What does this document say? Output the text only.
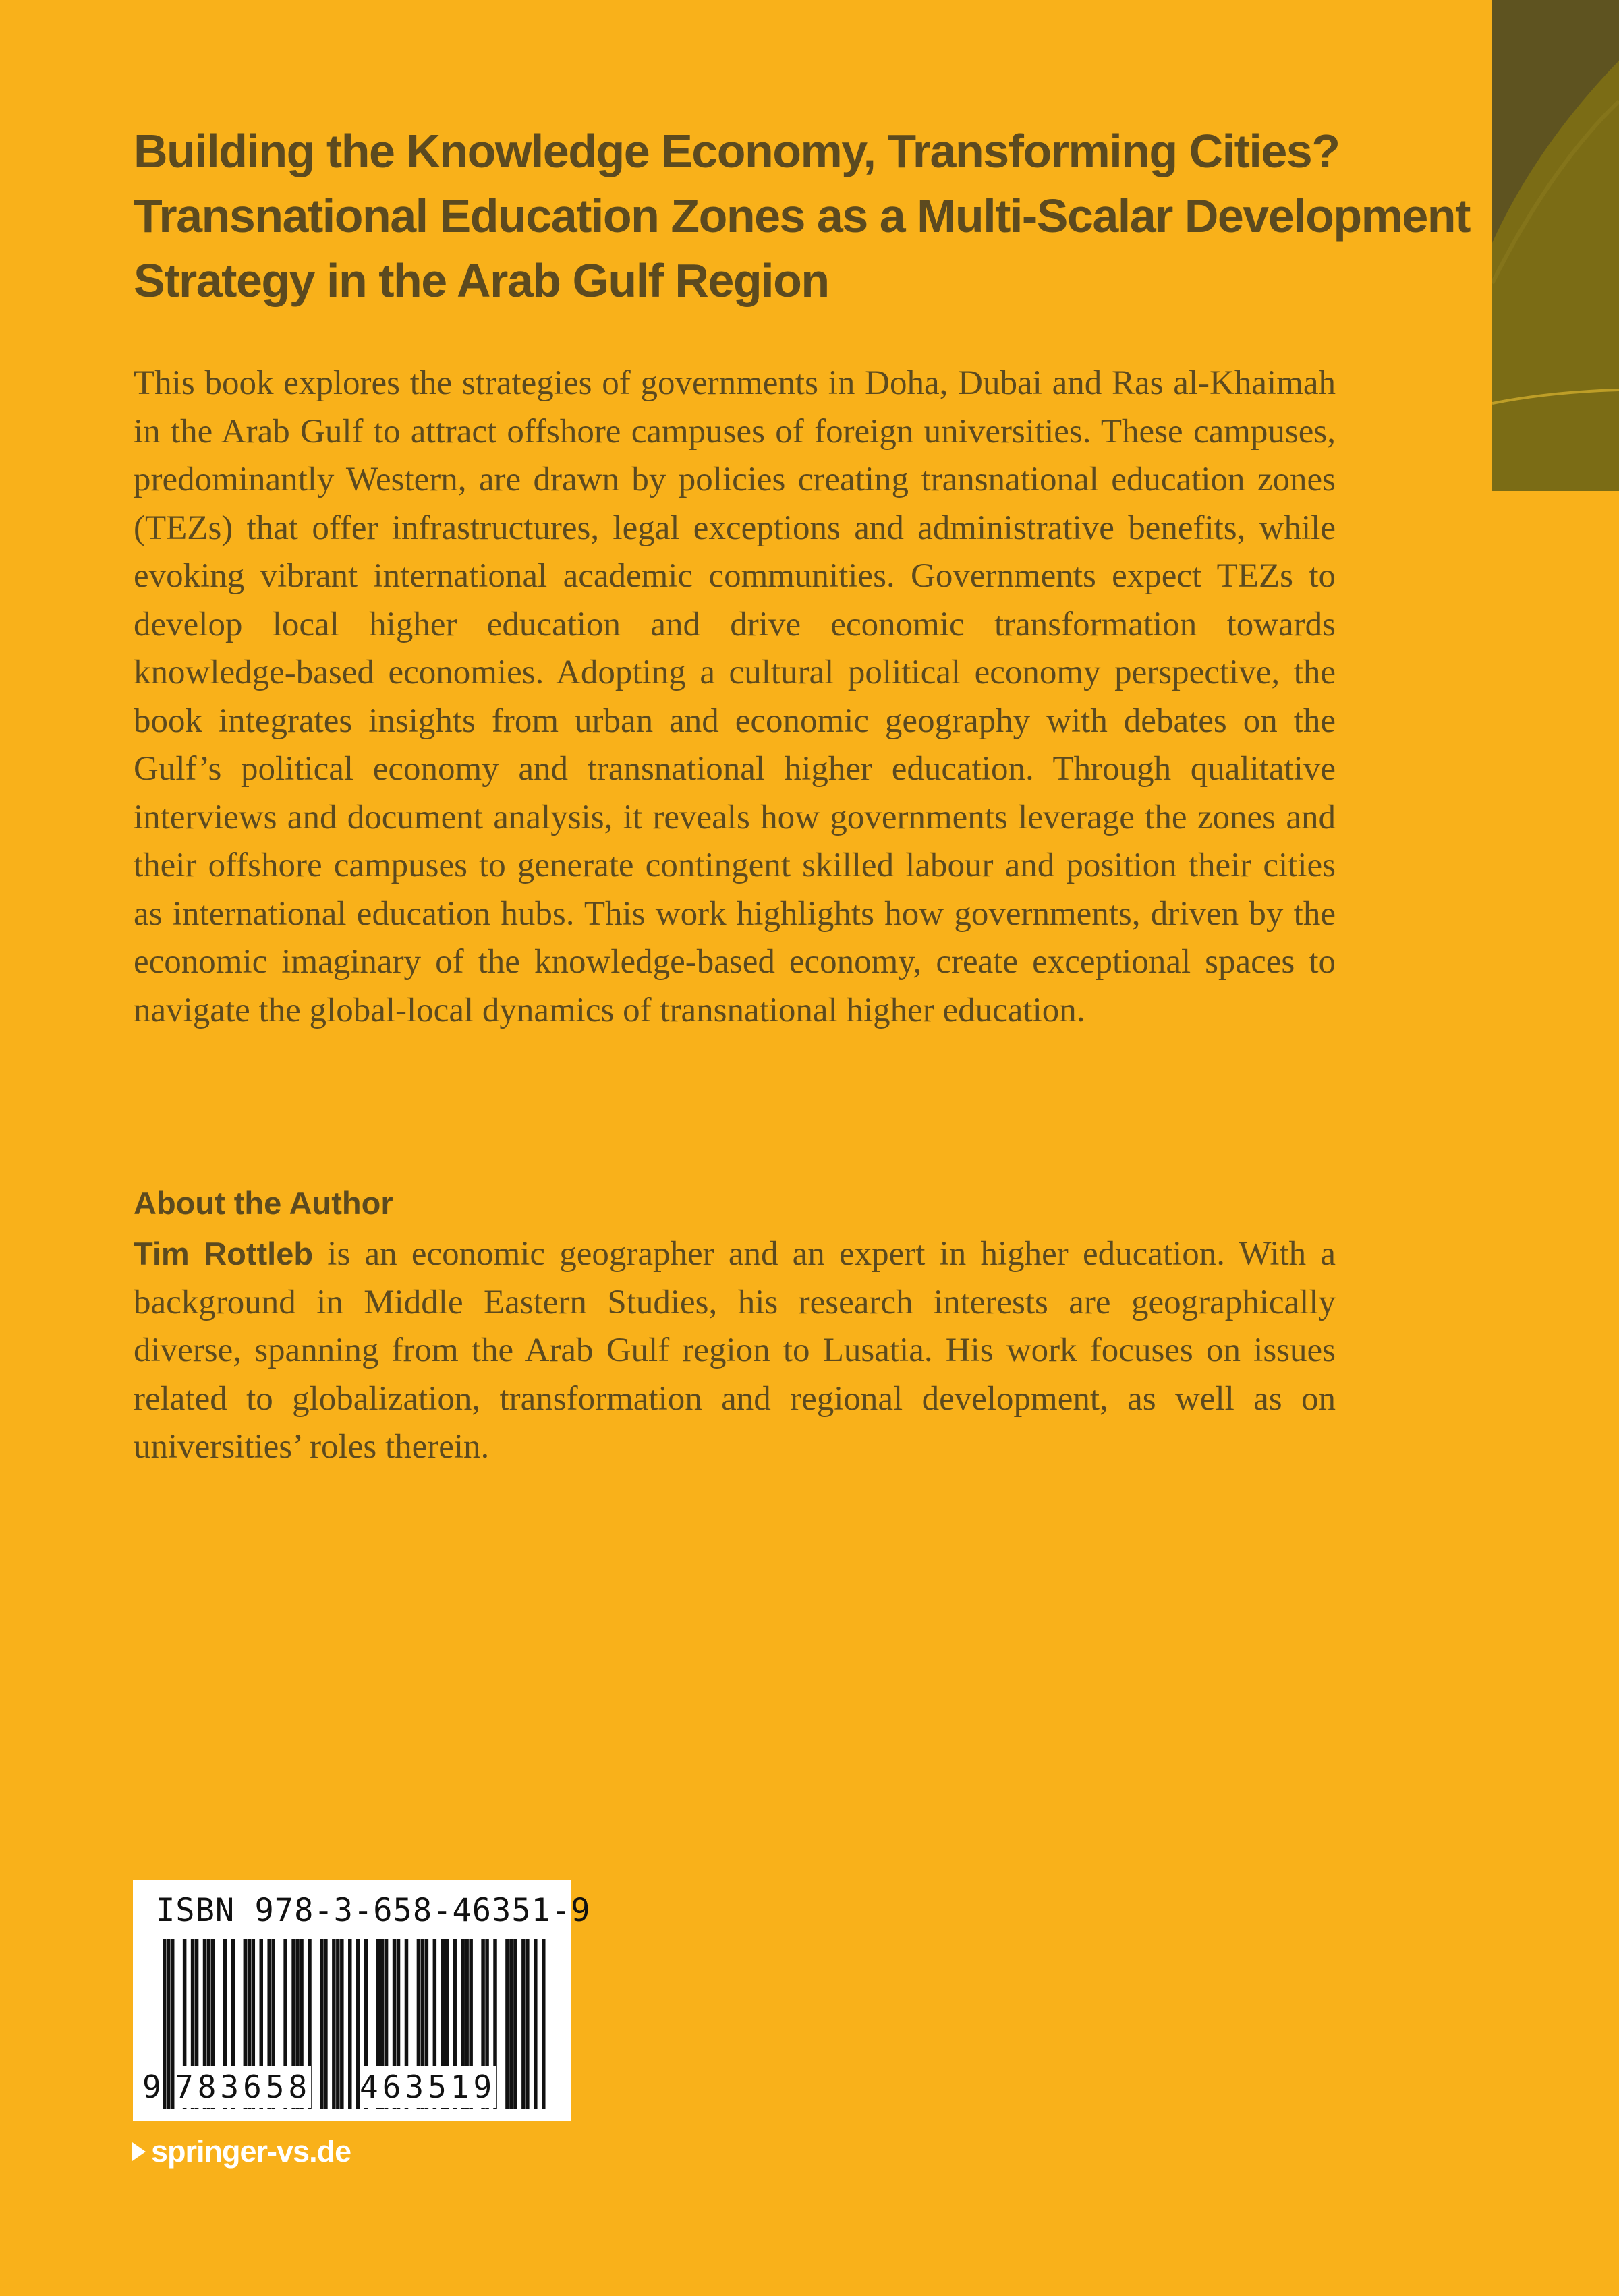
Building the Knowledge Economy, Transforming Cities?
Transnational Education Zones as a Multi-Scalar Development
Strategy in the Arab Gulf Region

This book explores the strategies of governments in Doha, Dubai and Ras al-Khaimah in the Arab Gulf to attract offshore campuses of foreign universities. These campuses, predominantly Western, are drawn by policies creating transnational education zones (TEZs) that offer infrastructures, legal exceptions and administrative benefits, while evoking vibrant international academic communities. Governments expect TEZs to develop local higher education and drive economic transformation towards knowledge-based economies. Adopting a cultural political economy perspective, the book integrates insights from urban and economic geography with debates on the Gulf’s political economy and transnational higher education. Through qualitative interviews and document analysis, it reveals how governments leverage the zones and their offshore campuses to generate contingent skilled labour and position their cities as international education hubs. This work highlights how governments, driven by the economic imaginary of the knowledge-based economy, create exceptional spaces to navigate the global-local dynamics of transnational higher education.

About the Author

Tim Rottleb is an economic geographer and an expert in higher education. With a background in Middle Eastern Studies, his research interests are geographically diverse, spanning from the Arab Gulf region to Lusatia. His work focuses on issues related to globalization, transformation and regional development, as well as on universities’ roles therein.

ISBN 978-3-658-46351-9

9 783658 463519
springer-vs.de
